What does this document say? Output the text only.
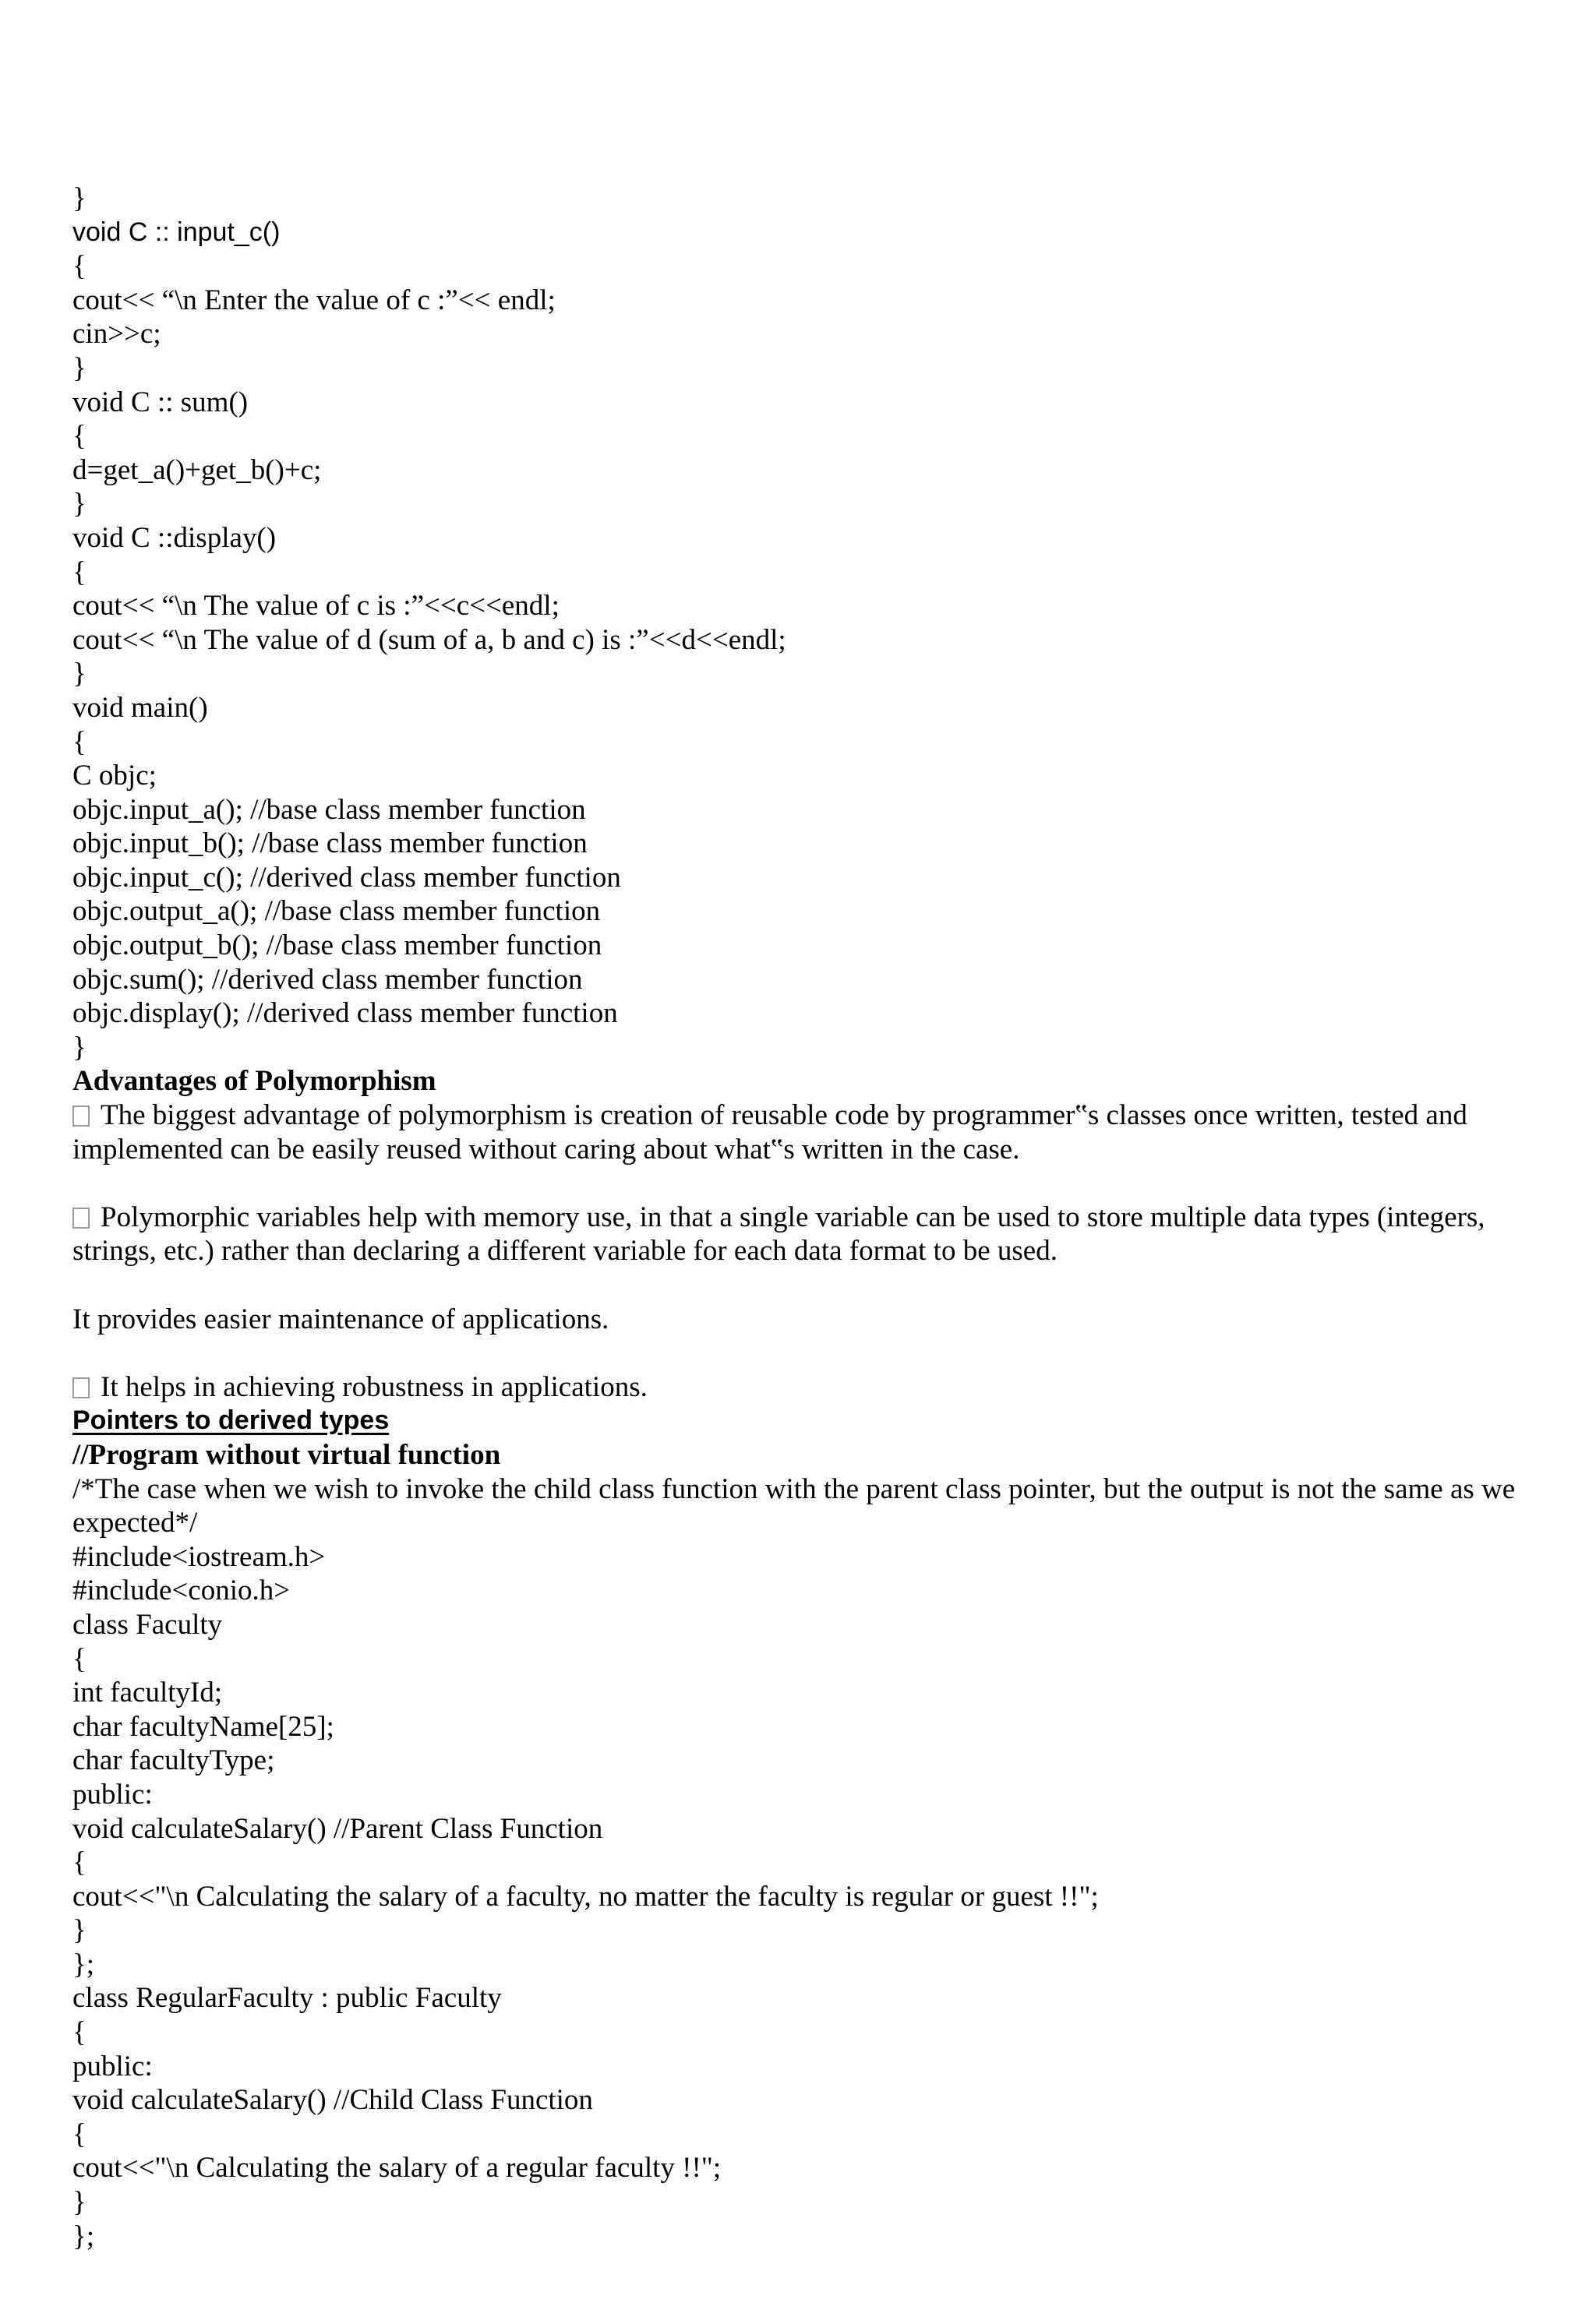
}
void C :: input_c()
{
cout<< “\n Enter the value of c :”<< endl;
cin>>c;
}
void C :: sum()
{
d=get_a()+get_b()+c;
}
void C ::display()
{
cout<< “\n The value of c is :”<<c<<endl;
cout<< “\n The value of d (sum of a, b and c) is :”<<d<<endl;
}
void main()
{
C objc;
objc.input_a(); //base class member function
objc.input_b(); //base class member function
objc.input_c(); //derived class member function
objc.output_a(); //base class member function
objc.output_b(); //base class member function
objc.sum(); //derived class member function
objc.display(); //derived class member function
}
Advantages of Polymorphism
The biggest advantage of polymorphism is creation of reusable code by programmer‟s classes once written, tested and
implemented can be easily reused without caring about what‟s written in the case.
Polymorphic variables help with memory use, in that a single variable can be used to store multiple data types (integers,
strings, etc.) rather than declaring a different variable for each data format to be used.
It provides easier maintenance of applications.
It helps in achieving robustness in applications.
Pointers to derived types
//Program without virtual function
/*The case when we wish to invoke the child class function with the parent class pointer, but the output is not the same as we
expected*/
#include<iostream.h>
#include<conio.h>
class Faculty
{
int facultyId;
char facultyName[25];
char facultyType;
public:
void calculateSalary() //Parent Class Function
{
cout<<"\n Calculating the salary of a faculty, no matter the faculty is regular or guest !!";
}
};
class RegularFaculty : public Faculty
{
public:
void calculateSalary() //Child Class Function
{
cout<<"\n Calculating the salary of a regular faculty !!";
}
};
